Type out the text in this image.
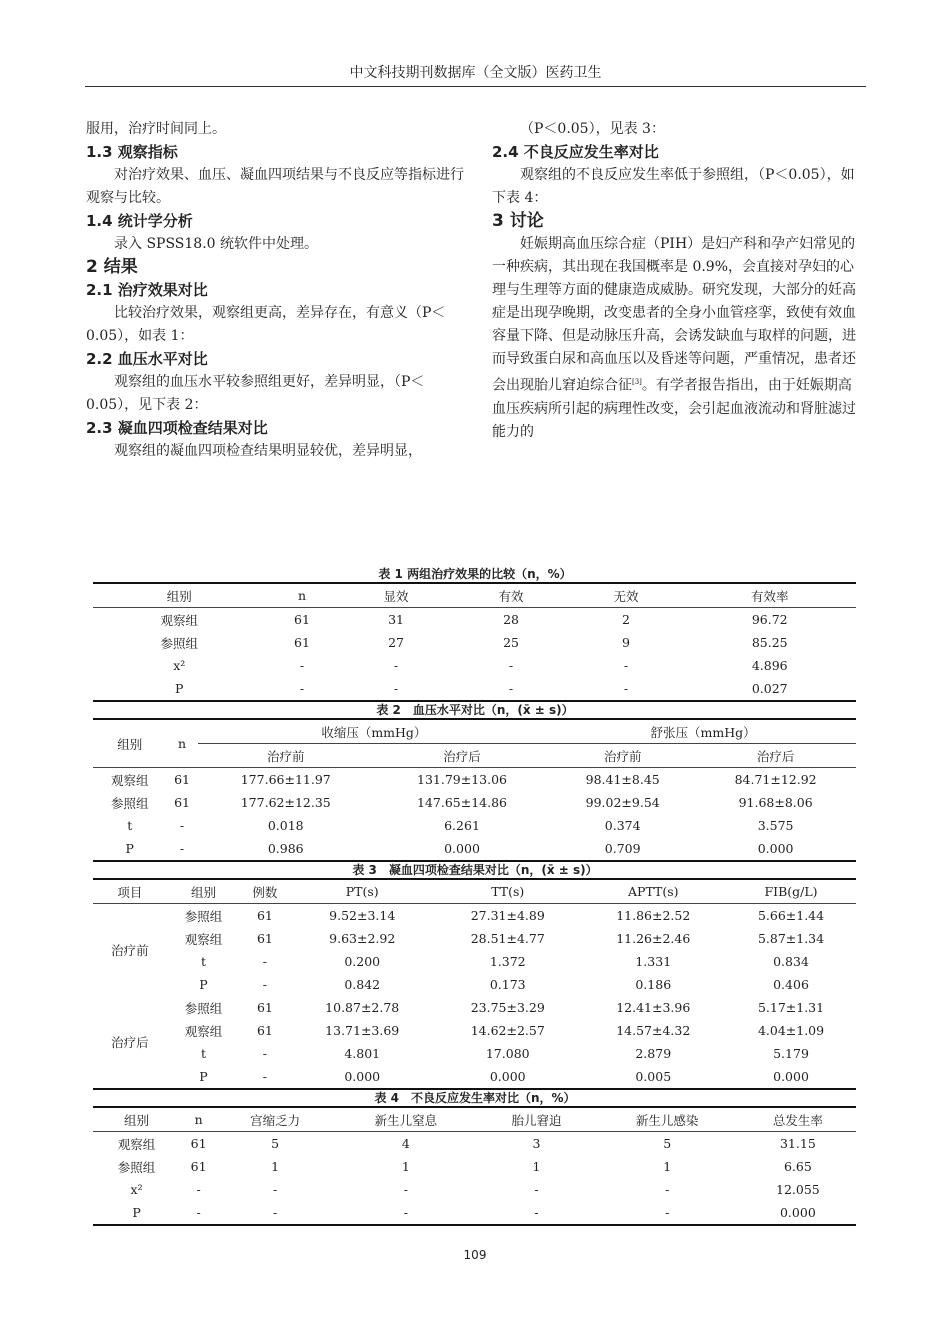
中文科技期刊数据库（全文版）医药卫生

服用，治疗时间同上。

1.3 观察指标

对治疗效果、血压、凝血四项结果与不良反应等指标进行观察与比较。

1.4 统计学分析

录入 SPSS18.0 统软件中处理。

2 结果

2.1 治疗效果对比

比较治疗效果，观察组更高，差异存在，有意义（P＜0.05），如表 1：

2.2 血压水平对比

观察组的血压水平较参照组更好，差异明显，（P＜0.05），见下表 2：

2.3 凝血四项检查结果对比

观察组的凝血四项检查结果明显较优，差异明显，

（P＜0.05），见表 3：

2.4 不良反应发生率对比

观察组的不良反应发生率低于参照组，（P＜0.05），如下表 4：

3 讨论

妊娠期高血压综合症（PIH）是妇产科和孕产妇常见的一种疾病，其出现在我国概率是 0.9%，会直接对孕妇的心理与生理等方面的健康造成威胁。研究发现，大部分的妊高症是出现孕晚期，改变患者的全身小血管痉挛，致使有效血容量下降、但是动脉压升高，会诱发缺血与取样的问题，进而导致蛋白尿和高血压以及昏迷等问题，严重情况，患者还会出现胎儿窘迫综合征[3]。有学者报告指出，由于妊娠期高血压疾病所引起的病理性改变，会引起血液流动和肾脏滤过能力的

表 1 两组治疗效果的比较（n，%）
组别	n	显效	有效	无效	有效率
观察组	61	31	28	2	96.72
参照组	61	27	25	9	85.25
x²	-	-	-	-	4.896
P	-	-	-	-	0.027
表 2　血压水平对比（n，(x̄ ± s)）
组别	n	收缩压（mmHg）		舒张压（mmHg）	
		治疗前	治疗后	治疗前	治疗后
观察组	61	177.66±11.97	131.79±13.06	98.41±8.45	84.71±12.92
参照组	61	177.62±12.35	147.65±14.86	99.02±9.54	91.68±8.06
t	-	0.018	6.261	0.374	3.575
P	-	0.986	0.000	0.709	0.000
表 3　凝血四项检查结果对比（n，(x̄ ± s)）
项目	组别	例数	PT(s)	TT(s)	APTT(s)	FIB(g/L)
治疗前	参照组	61	9.52±3.14	27.31±4.89	11.86±2.52	5.66±1.44
	观察组	61	9.63±2.92	28.51±4.77	11.26±2.46	5.87±1.34
	t	-	0.200	1.372	1.331	0.834
	P	-	0.842	0.173	0.186	0.406
治疗后	参照组	61	10.87±2.78	23.75±3.29	12.41±3.96	5.17±1.31
	观察组	61	13.71±3.69	14.62±2.57	14.57±4.32	4.04±1.09
	t	-	4.801	17.080	2.879	5.179
	P	-	0.000	0.000	0.005	0.000
表 4　不良反应发生率对比（n，%）
组别	n	宫缩乏力	新生儿窒息	胎儿窘迫	新生儿感染	总发生率
观察组	61	5	4	3	5	31.15
参照组	61	1	1	1	1	6.65
x²	-	-	-	-	-	12.055
P	-	-	-	-	-	0.000
109
